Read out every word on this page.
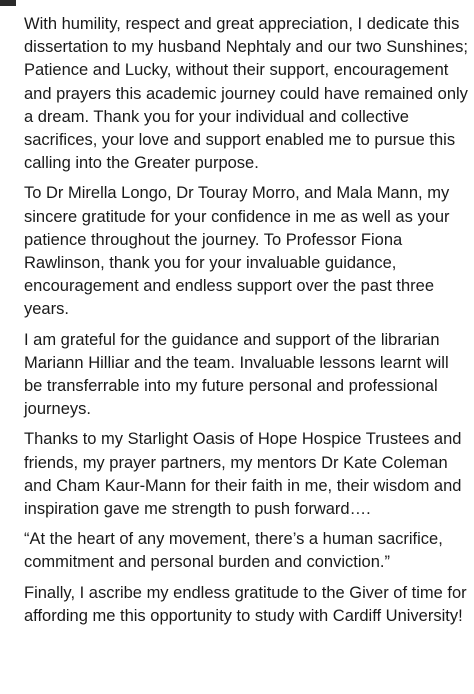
With humility, respect and great appreciation, I dedicate this dissertation to my husband Nephtaly and our two Sunshines; Patience and Lucky, without their support, encouragement and prayers this academic journey could have remained only a dream. Thank you for your individual and collective sacrifices, your love and support enabled me to pursue this calling into the Greater purpose.

To Dr Mirella Longo, Dr Touray Morro, and Mala Mann, my sincere gratitude for your confidence in me as well as your patience throughout the journey. To Professor Fiona Rawlinson, thank you for your invaluable guidance, encouragement and endless support over the past three years.

I am grateful for the guidance and support of the librarian Mariann Hilliar and the team. Invaluable lessons learnt will be transferrable into my future personal and professional journeys.

Thanks to my Starlight Oasis of Hope Hospice Trustees and friends, my prayer partners, my mentors Dr Kate Coleman and Cham Kaur-Mann for their faith in me, their wisdom and inspiration gave me strength to push forward….

“At the heart of any movement, there’s a human sacrifice, commitment and personal burden and conviction.”

Finally, I ascribe my endless gratitude to the Giver of time for affording me this opportunity to study with Cardiff University!
